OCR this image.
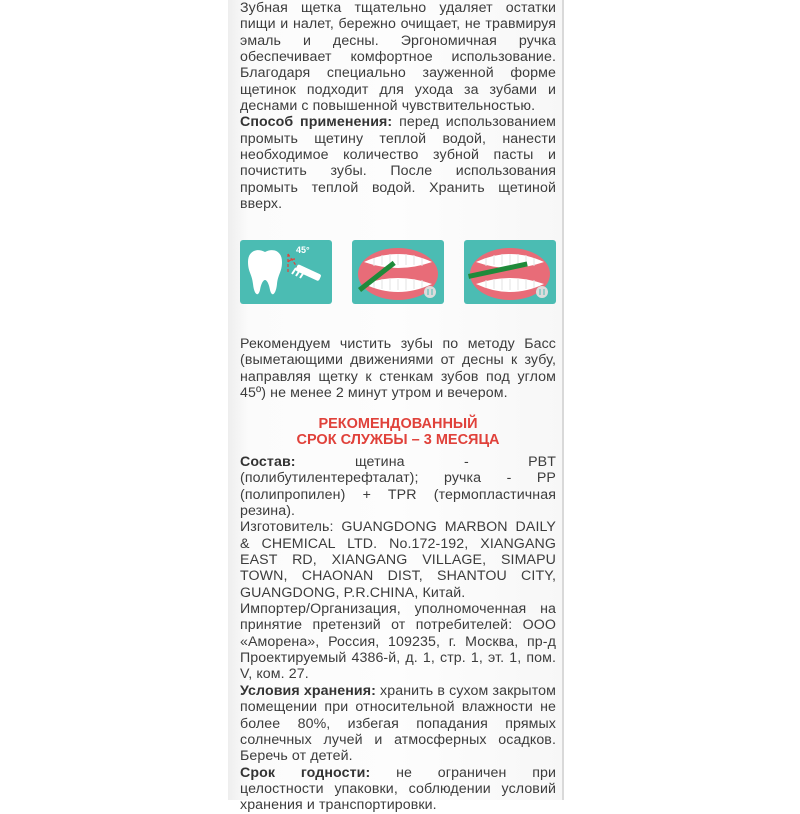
Зубная щетка тщательно удаляет остатки пищи и налет, бережно очищает, не травмируя эмаль и десны. Эргономичная ручка обеспечивает комфортное использование. Благодаря специально зауженной форме щетинок подходит для ухода за зубами и деснами с повышенной чувствительностью.

Способ применения: перед использованием промыть щетину теплой водой, нанести необходимое количество зубной пасты и почистить зубы. После использования промыть теплой водой. Хранить щетиной вверх.

45°

Рекомендуем чистить зубы по методу Басс (выметающими движениями от десны к зубу, направляя щетку к стенкам зубов под углом 45º) не менее 2 минут утром и вечером.

РЕКОМЕНДОВАННЫЙ
СРОК СЛУЖБЫ – 3 МЕСЯЦА

Состав: щетина - PBT (полибутилентерефталат); ручка - PP (полипропилен) + TPR (термопластичная резина).

Изготовитель: GUANGDONG MARBON DAILY & CHEMICAL LTD. No.172-192, XIANGANG EAST RD, XIANGANG VILLAGE, SIMAPU TOWN, CHAONAN DIST, SHANTOU CITY, GUANGDONG, P.R.CHINA, Китай.

Импортер/Организация, уполномоченная на принятие претензий от потребителей: ООО «Аморена», Россия, 109235, г. Москва, пр-д Проектируемый 4386-й, д. 1, стр. 1, эт. 1, пом. V, ком. 27.

Условия хранения: хранить в сухом закрытом помещении при относительной влажности не более 80%, избегая попадания прямых солнечных лучей и атмосферных осадков. Беречь от детей.

Срок годности: не ограничен при целостности упаковки, соблюдении условий хранения и транспортировки.
